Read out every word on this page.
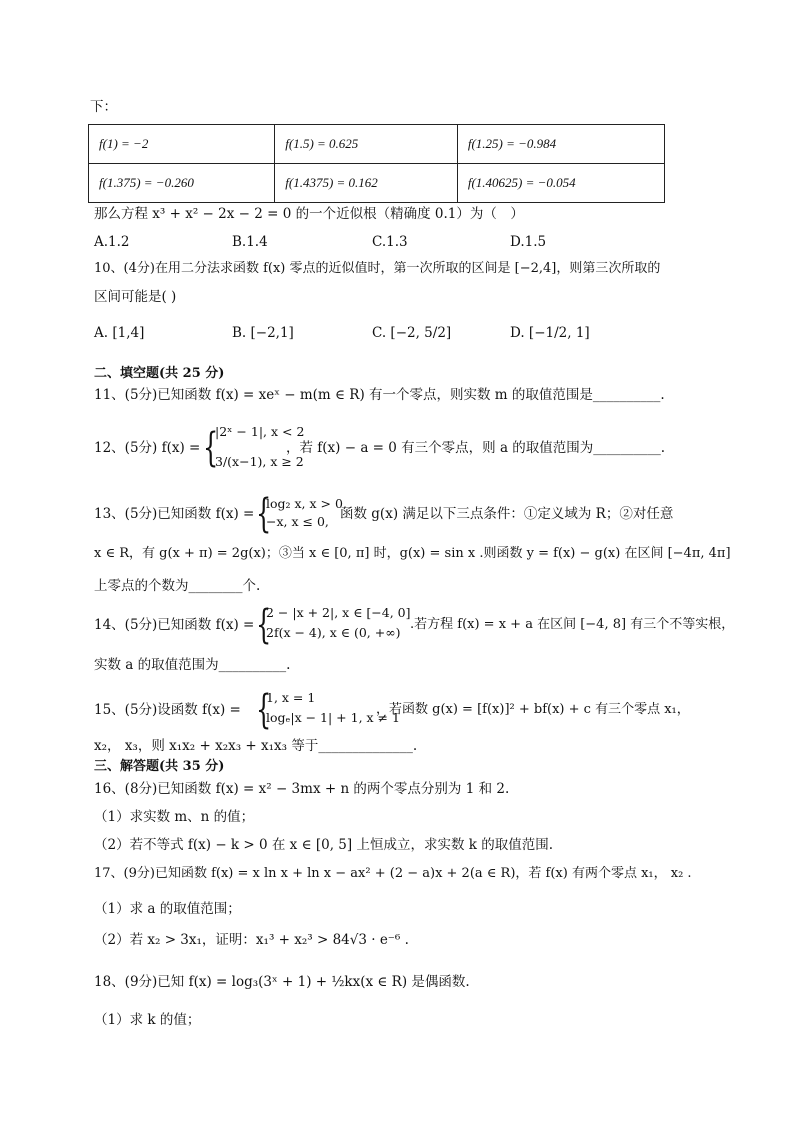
下：
f(1) = −2	f(1.5) = 0.625	f(1.25) = −0.984
f(1.375) = −0.260	f(1.4375) = 0.162	f(1.40625) = −0.054
那么方程 x³ + x² − 2x − 2 = 0 的一个近似根（精确度 0.1）为（　）
A.1.2	B.1.4	C.1.3	D.1.5
10、(4分)在用二分法求函数 f(x) 零点的近似值时，第一次所取的区间是 [−2,4]，则第三次所取的
区间可能是( )
A. [1,4]	B. [−2,1]	C. [−2, 5/2]	D. [−1/2, 1]
二、填空题(共 25 分)
11、(5分)已知函数 f(x) = xeˣ − m(m ∈ R) 有一个零点，则实数 m 的取值范围是__________.
12、(5分) f(x) = {
|2ˣ − 1|, x < 2
3/(x−1), x ≥ 2
，若 f(x) − a = 0 有三个零点，则 a 的取值范围为__________.
13、(5分)已知函数 f(x) = {
log₂ x, x > 0,
−x, x ≤ 0, 函数 g(x) 满足以下三点条件：①定义域为 R；②对任意
x ∈ R，有 g(x + π) = 2g(x)；③当 x ∈ [0, π] 时，g(x) = sin x .则函数 y = f(x) − g(x) 在区间 [−4π, 4π]
上零点的个数为________个.
14、(5分)已知函数 f(x) = {
2 − |x + 2|, x ∈ [−4, 0]
2f(x − 4), x ∈ (0, +∞)
.若方程 f(x) = x + a 在区间 [−4, 8] 有三个不等实根，
实数 a 的取值范围为__________.
15、(5分)设函数 f(x) = {
1, x = 1
logₑ|x − 1| + 1, x ≠ 1
，若函数 g(x) = [f(x)]² + bf(x) + c 有三个零点 x₁，
x₂， x₃，则 x₁x₂ + x₂x₃ + x₁x₃ 等于______________.
三、解答题(共 35 分)
16、(8分)已知函数 f(x) = x² − 3mx + n 的两个零点分别为 1 和 2.
（1）求实数 m、n 的值；
（2）若不等式 f(x) − k > 0 在 x ∈ [0, 5] 上恒成立，求实数 k 的取值范围.
17、(9分)已知函数 f(x) = x ln x + ln x − ax² + (2 − a)x + 2(a ∈ R)，若 f(x) 有两个零点 x₁， x₂ .
（1）求 a 的取值范围；
（2）若 x₂ > 3x₁，证明：x₁³ + x₂³ > 84√3 · e⁻⁶ .
18、(9分)已知 f(x) = log₃(3ˣ + 1) + ½kx(x ∈ R) 是偶函数.
（1）求 k 的值；
